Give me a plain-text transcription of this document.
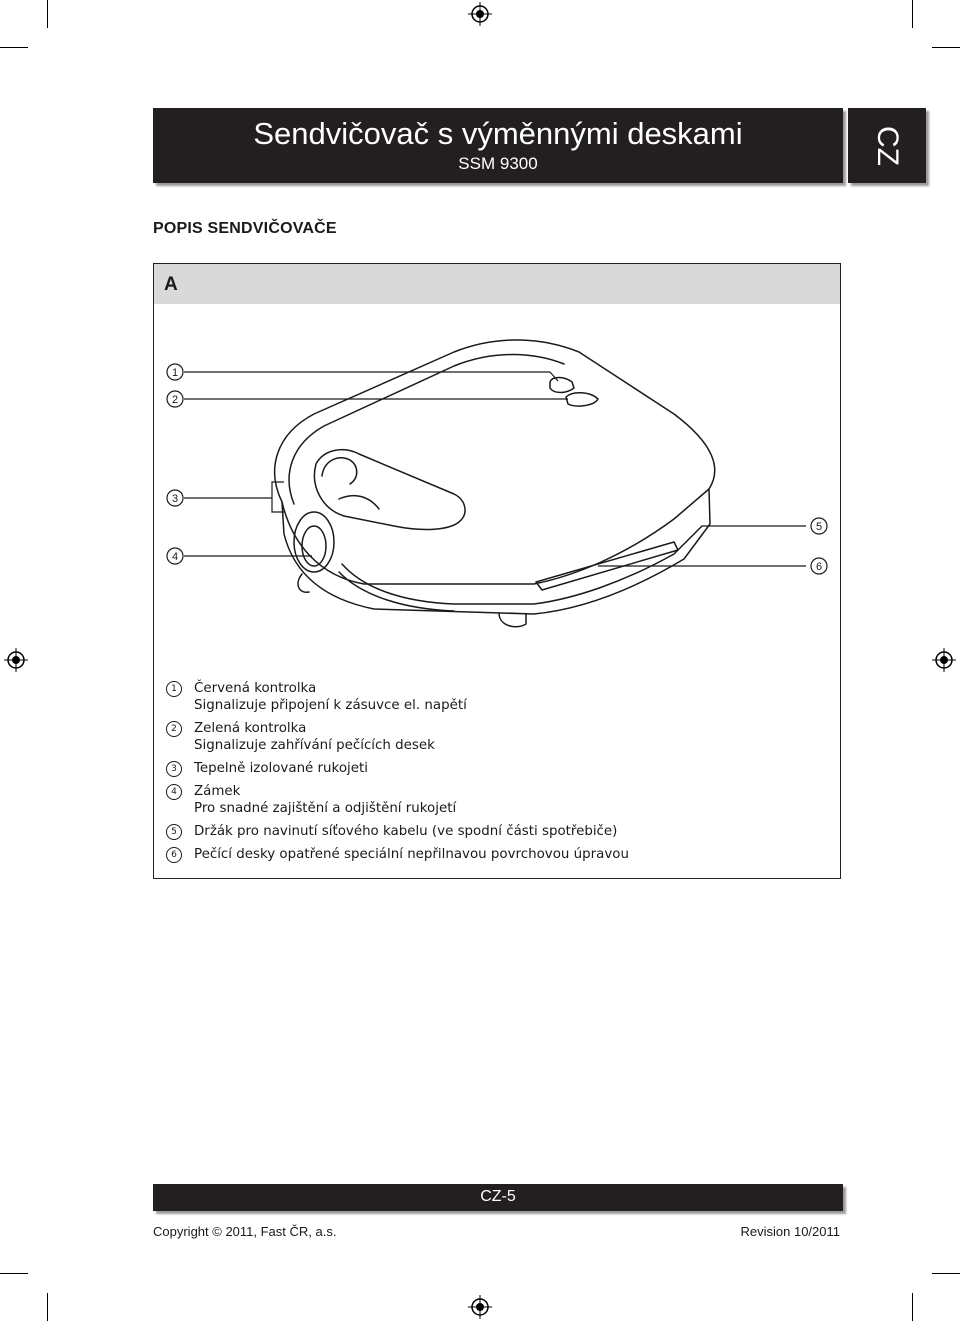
Sendvičovač s výměnnými deskami
SSM 9300	CZ
POPIS SENDVIČOVAČE
A
1
2
3
4
5
6
1	Červená kontrolka
Signalizuje připojení k zásuvce el. napětí
2	Zelená kontrolka
Signalizuje zahřívání pečících desek
3	Tepelně izolované rukojeti
4	Zámek
Pro snadné zajištění a odjištění rukojetí
5	Držák pro navinutí síťového kabelu (ve spodní části spotřebiče)
6	Pečící desky opatřené speciální nepřilnavou povrchovou úpravou
CZ-5
Copyright © 2011, Fast ČR, a.s.	Revision 10/2011
